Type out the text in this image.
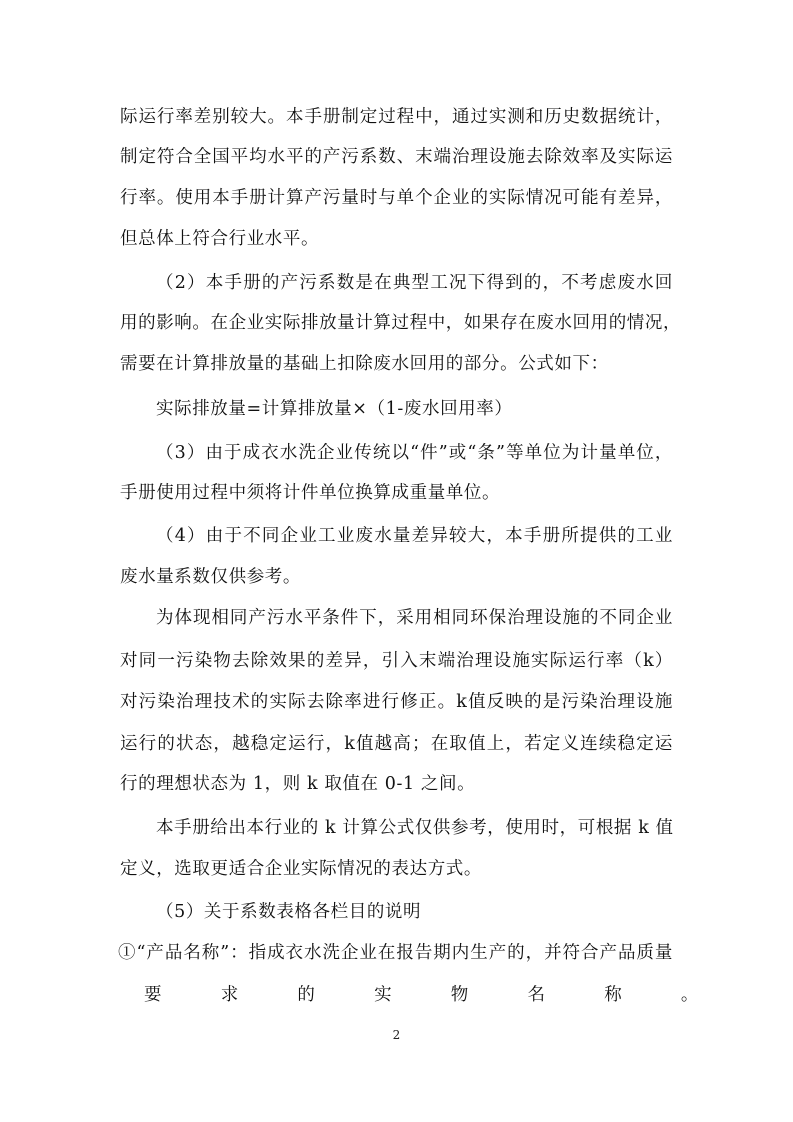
际运行率差别较大。本手册制定过程中，通过实测和历史数据统计，
制定符合全国平均水平的产污系数、末端治理设施去除效率及实际运
行率。使用本手册计算产污量时与单个企业的实际情况可能有差异，
但总体上符合行业水平。
（2）本手册的产污系数是在典型工况下得到的，不考虑废水回
用的影响。在企业实际排放量计算过程中，如果存在废水回用的情况，
需要在计算排放量的基础上扣除废水回用的部分。公式如下：
实际排放量=计算排放量×（1-废水回用率）
（3）由于成衣水洗企业传统以“件”或“条”等单位为计量单位，
手册使用过程中须将计件单位换算成重量单位。
（4）由于不同企业工业废水量差异较大，本手册所提供的工业
废水量系数仅供参考。
为体现相同产污水平条件下，采用相同环保治理设施的不同企业
对同一污染物去除效果的差异，引入末端治理设施实际运行率（k）
对污染治理技术的实际去除率进行修正。k值反映的是污染治理设施
运行的状态，越稳定运行，k值越高；在取值上，若定义连续稳定运
行的理想状态为 1，则 k 取值在 0-1 之间。
本手册给出本行业的 k 计算公式仅供参考，使用时，可根据 k 值
定义，选取更适合企业实际情况的表达方式。
（5）关于系数表格各栏目的说明
①“产品名称”：指成衣水洗企业在报告期内生产的，并符合产品质量
要求的实物名称。
2
